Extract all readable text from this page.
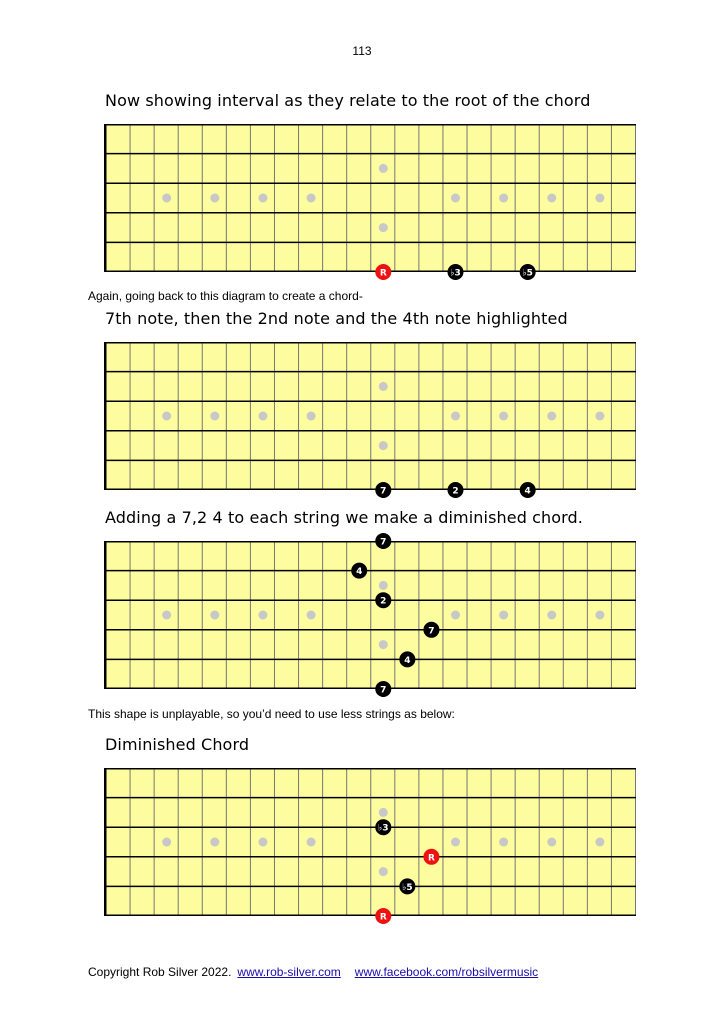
113
Now showing interval as they relate to the root of the chord
R	♭3	♭5
Again, going back to this diagram to create a chord-
7th note, then the 2nd note and the 4th note highlighted
7	2	4
Adding a 7,2 4 to each string we make a diminished chord.
7
4
2
7
4
7
This shape is unplayable, so you’d need to use less strings as below:
Diminished Chord
♭3
R
♭5
R
Copyright Rob Silver 2022. www.rob-silver.com www.facebook.com/robsilvermusic
